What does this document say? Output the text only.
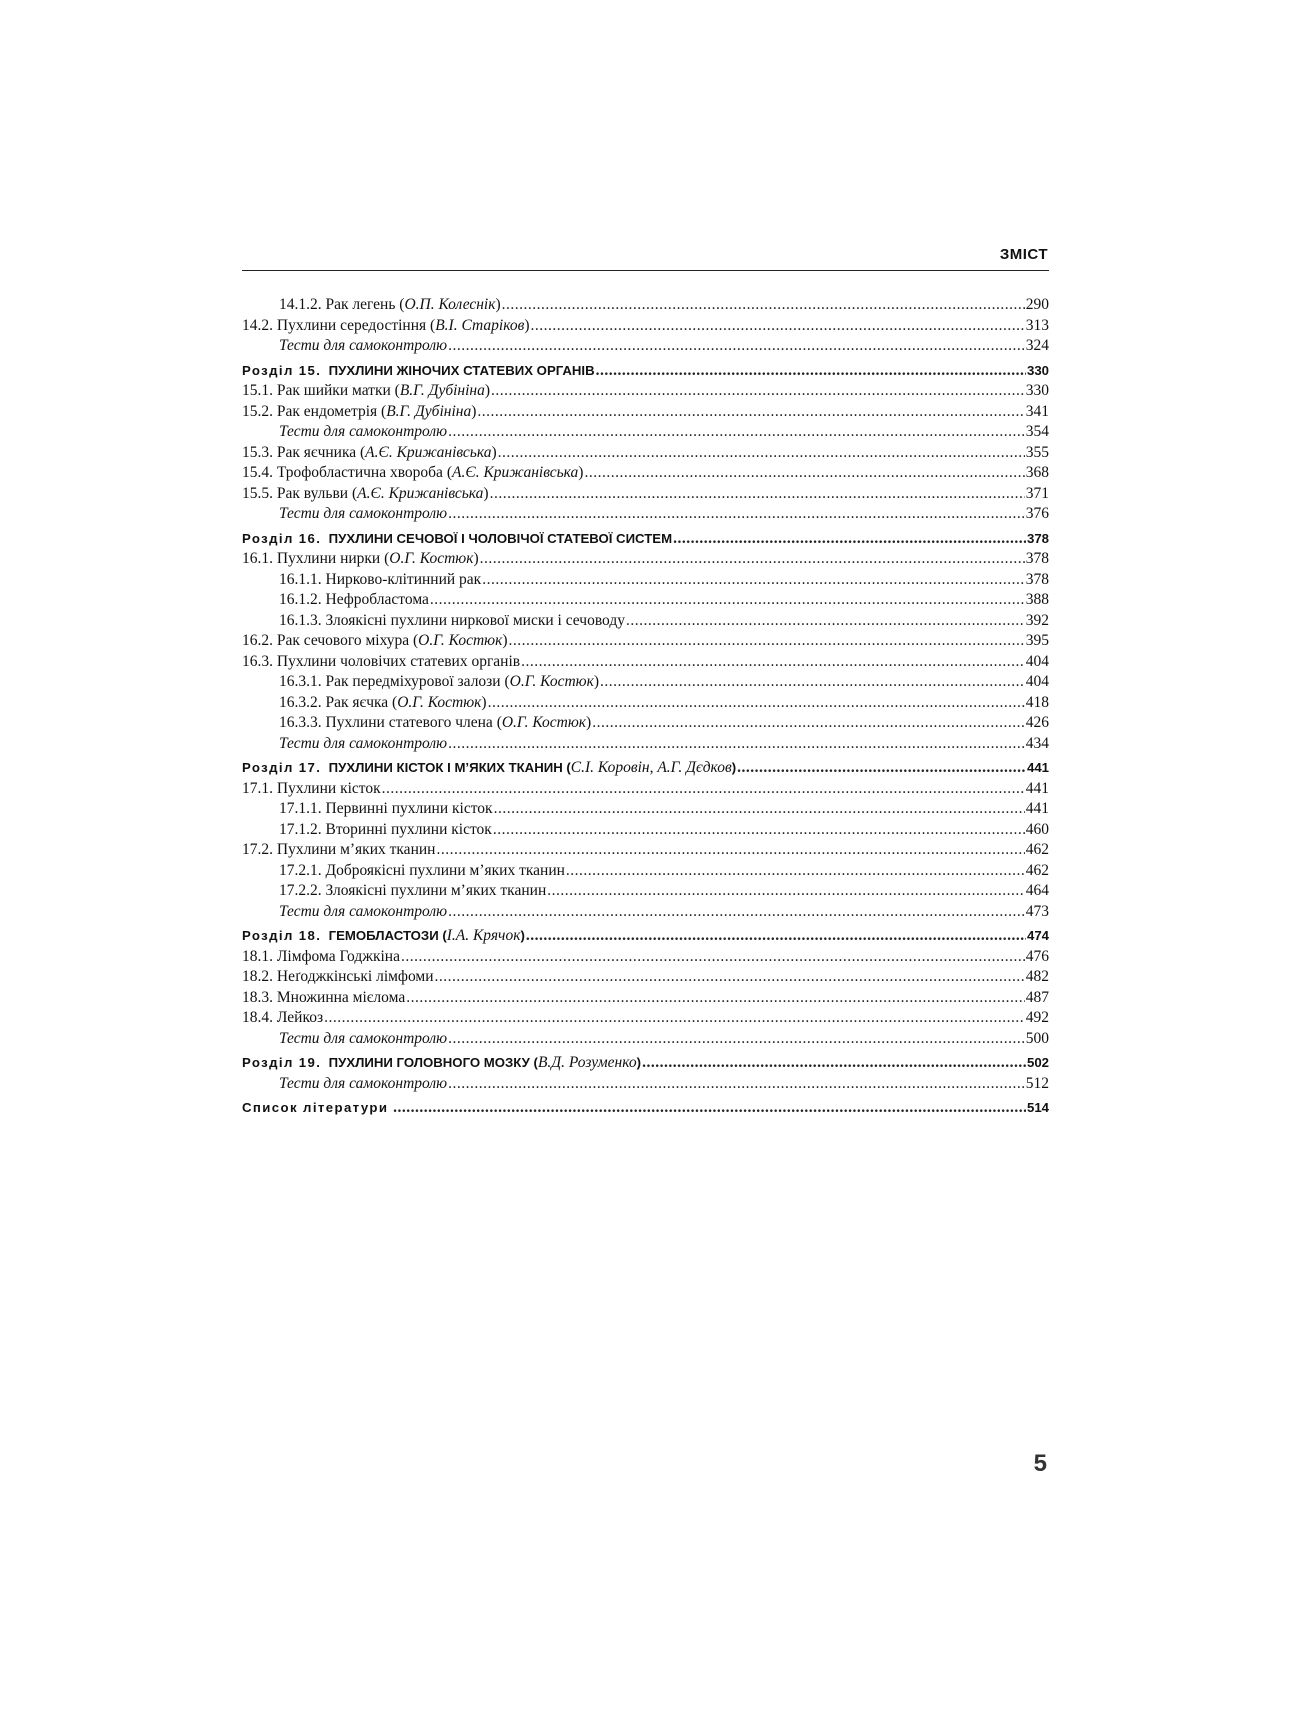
ЗМІСТ
14.1.2. Рак легень (О.П. Колеснік) .....	290
14.2. Пухлини середостіння (В.І. Старіков) .....	313
Тести для самоконтролю .....	324
Розділ 15. ПУХЛИНИ ЖІНОЧИХ СТАТЕВИХ ОРГАНІВ .....	330
15.1. Рак шийки матки (В.Г. Дубініна) .....	330
15.2. Рак ендометрія (В.Г. Дубініна) .....	341
Тести для самоконтролю .....	354
15.3. Рак яєчника (А.Є. Крижанівська) .....	355
15.4. Трофобластична хвороба (А.Є. Крижанівська) .....	368
15.5. Рак вульви (А.Є. Крижанівська) .....	371
Тести для самоконтролю .....	376
Розділ 16. ПУХЛИНИ СЕЧОВОЇ І ЧОЛОВІЧОЇ СТАТЕВОЇ СИСТЕМ .....	378
16.1. Пухлини нирки (О.Г. Костюк) .....	378
16.1.1. Нирково-клітинний рак .....	378
16.1.2. Нефробластома .....	388
16.1.3. Злоякісні пухлини ниркової миски і сечоводу .....	392
16.2. Рак сечового міхура (О.Г. Костюк) .....	395
16.3. Пухлини чоловічих статевих органів .....	404
16.3.1. Рак передміхурової залози (О.Г. Костюк) .....	404
16.3.2. Рак яєчка (О.Г. Костюк) .....	418
16.3.3. Пухлини статевого члена (О.Г. Костюк) .....	426
Тести для самоконтролю .....	434
Розділ 17. ПУХЛИНИ КІСТОК І М’ЯКИХ ТКАНИН (С.І. Коровін, А.Г. Дєдков) .....	441
17.1. Пухлини кісток .....	441
17.1.1. Первинні пухлини кісток .....	441
17.1.2. Вторинні пухлини кісток .....	460
17.2. Пухлини м’яких тканин .....	462
17.2.1. Доброякісні пухлини м’яких тканин .....	462
17.2.2. Злоякісні пухлини м’яких тканин .....	464
Тести для самоконтролю .....	473
Розділ 18. ГЕМОБЛАСТОЗИ (І.А. Крячок) .....	474
18.1. Лімфома Годжкіна .....	476
18.2. Неґоджкінські лімфоми .....	482
18.3. Множинна мієлома .....	487
18.4. Лейкоз .....	492
Тести для самоконтролю .....	500
Розділ 19. ПУХЛИНИ ГОЛОВНОГО МОЗКУ (В.Д. Розуменко) .....	502
Тести для самоконтролю .....	512
Список літератури .....	514
5
